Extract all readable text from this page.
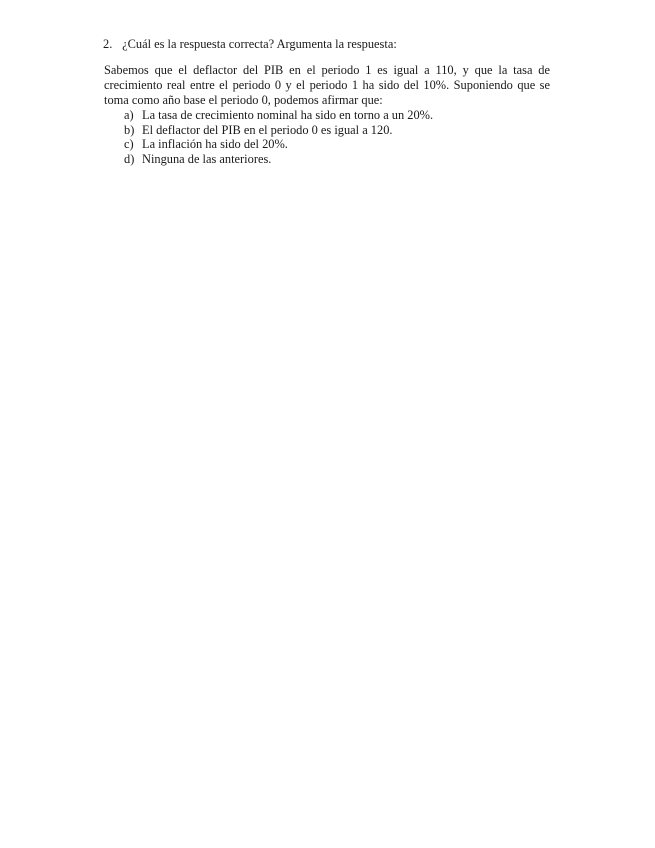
2. ¿Cuál es la respuesta correcta? Argumenta la respuesta:
Sabemos que el deflactor del PIB en el periodo 1 es igual a 110, y que la tasa de crecimiento real entre el periodo 0 y el periodo 1 ha sido del 10%. Suponiendo que se toma como año base el periodo 0, podemos afirmar que:
a) La tasa de crecimiento nominal ha sido en torno a un 20%.
b) El deflactor del PIB en el periodo 0 es igual a 120.
c) La inflación ha sido del 20%.
d) Ninguna de las anteriores.
